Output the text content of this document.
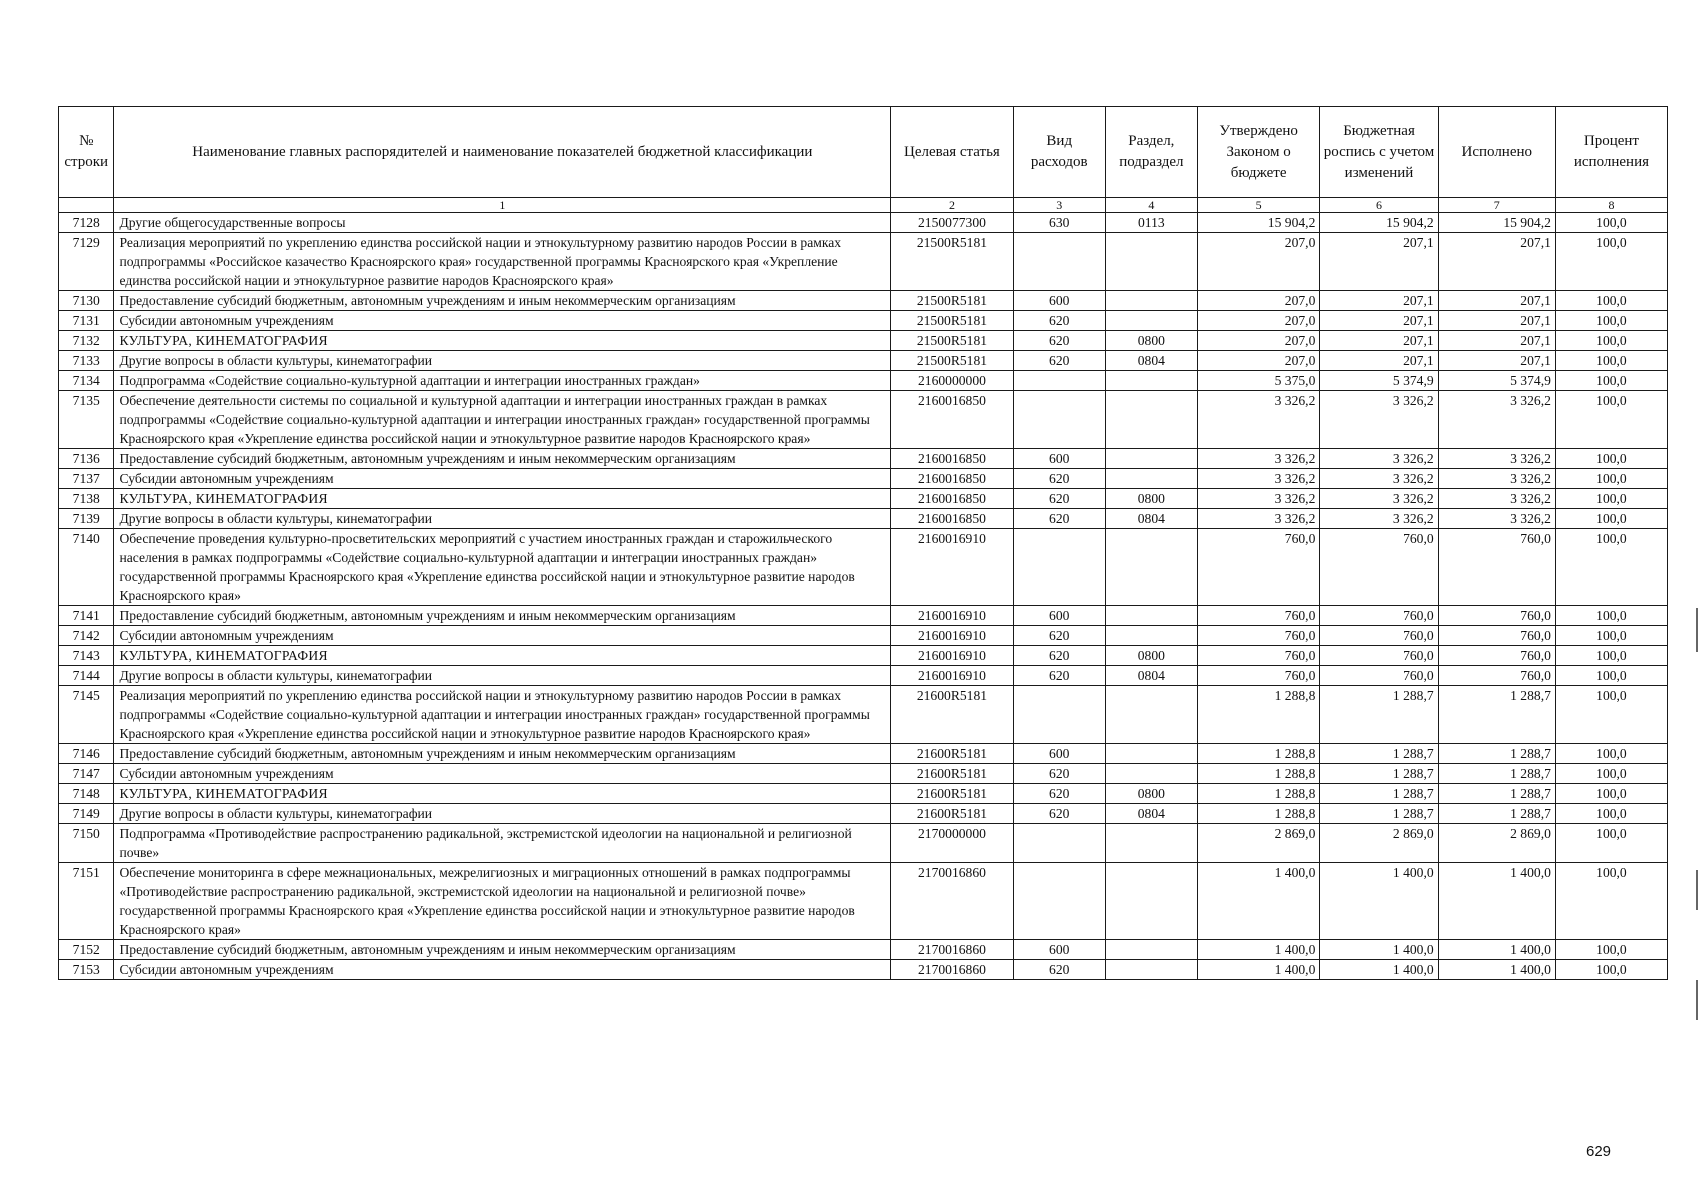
№ строки	Наименование главных распорядителей и наименование показателей бюджетной классификации	Целевая статья	Вид расходов	Раздел, подраздел	Утверждено Законом о бюджете	Бюджетная роспись с учетом изменений	Исполнено	Процент исполнения
	1	2	3	4	5	6	7	8
7128	Другие общегосударственные вопросы	2150077300	630	0113	15 904,2	15 904,2	15 904,2	100,0
7129	Реализация мероприятий по укреплению единства российской нации и этнокультурному развитию народов России в рамках подпрограммы «Российское казачество Красноярского края» государственной программы Красноярского края «Укрепление единства российской нации и этнокультурное развитие народов Красноярского края»	21500R5181			207,0	207,1	207,1	100,0
7130	Предоставление субсидий бюджетным, автономным учреждениям и иным некоммерческим организациям	21500R5181	600		207,0	207,1	207,1	100,0
7131	Субсидии автономным учреждениям	21500R5181	620		207,0	207,1	207,1	100,0
7132	КУЛЬТУРА, КИНЕМАТОГРАФИЯ	21500R5181	620	0800	207,0	207,1	207,1	100,0
7133	Другие вопросы в области культуры, кинематографии	21500R5181	620	0804	207,0	207,1	207,1	100,0
7134	Подпрограмма «Содействие социально-культурной адаптации и интеграции иностранных граждан»	2160000000			5 375,0	5 374,9	5 374,9	100,0
7135	Обеспечение деятельности системы по социальной и культурной адаптации и интеграции иностранных граждан в рамках подпрограммы «Содействие социально-культурной адаптации и интеграции иностранных граждан» государственной программы Красноярского края «Укрепление единства российской нации и этнокультурное развитие народов Красноярского края»	2160016850			3 326,2	3 326,2	3 326,2	100,0
7136	Предоставление субсидий бюджетным, автономным учреждениям и иным некоммерческим организациям	2160016850	600		3 326,2	3 326,2	3 326,2	100,0
7137	Субсидии автономным учреждениям	2160016850	620		3 326,2	3 326,2	3 326,2	100,0
7138	КУЛЬТУРА, КИНЕМАТОГРАФИЯ	2160016850	620	0800	3 326,2	3 326,2	3 326,2	100,0
7139	Другие вопросы в области культуры, кинематографии	2160016850	620	0804	3 326,2	3 326,2	3 326,2	100,0
7140	Обеспечение проведения культурно-просветительских мероприятий с участием иностранных граждан и старожильческого населения в рамках подпрограммы «Содействие социально-культурной адаптации и интеграции иностранных граждан» государственной программы Красноярского края «Укрепление единства российской нации и этнокультурное развитие народов Красноярского края»	2160016910			760,0	760,0	760,0	100,0
7141	Предоставление субсидий бюджетным, автономным учреждениям и иным некоммерческим организациям	2160016910	600		760,0	760,0	760,0	100,0
7142	Субсидии автономным учреждениям	2160016910	620		760,0	760,0	760,0	100,0
7143	КУЛЬТУРА, КИНЕМАТОГРАФИЯ	2160016910	620	0800	760,0	760,0	760,0	100,0
7144	Другие вопросы в области культуры, кинематографии	2160016910	620	0804	760,0	760,0	760,0	100,0
7145	Реализация мероприятий по укреплению единства российской нации и этнокультурному развитию народов России в рамках подпрограммы «Содействие социально-культурной адаптации и интеграции иностранных граждан» государственной программы Красноярского края «Укрепление единства российской нации и этнокультурное развитие народов Красноярского края»	21600R5181			1 288,8	1 288,7	1 288,7	100,0
7146	Предоставление субсидий бюджетным, автономным учреждениям и иным некоммерческим организациям	21600R5181	600		1 288,8	1 288,7	1 288,7	100,0
7147	Субсидии автономным учреждениям	21600R5181	620		1 288,8	1 288,7	1 288,7	100,0
7148	КУЛЬТУРА, КИНЕМАТОГРАФИЯ	21600R5181	620	0800	1 288,8	1 288,7	1 288,7	100,0
7149	Другие вопросы в области культуры, кинематографии	21600R5181	620	0804	1 288,8	1 288,7	1 288,7	100,0
7150	Подпрограмма «Противодействие распространению радикальной, экстремистской идеологии на национальной и религиозной почве»	2170000000			2 869,0	2 869,0	2 869,0	100,0
7151	Обеспечение мониторинга в сфере межнациональных, межрелигиозных и миграционных отношений в рамках подпрограммы «Противодействие распространению радикальной, экстремистской идеологии на национальной и религиозной почве» государственной программы Красноярского края «Укрепление единства российской нации и этнокультурное развитие народов Красноярского края»	2170016860			1 400,0	1 400,0	1 400,0	100,0
7152	Предоставление субсидий бюджетным, автономным учреждениям и иным некоммерческим организациям	2170016860	600		1 400,0	1 400,0	1 400,0	100,0
7153	Субсидии автономным учреждениям	2170016860	620		1 400,0	1 400,0	1 400,0	100,0
629
